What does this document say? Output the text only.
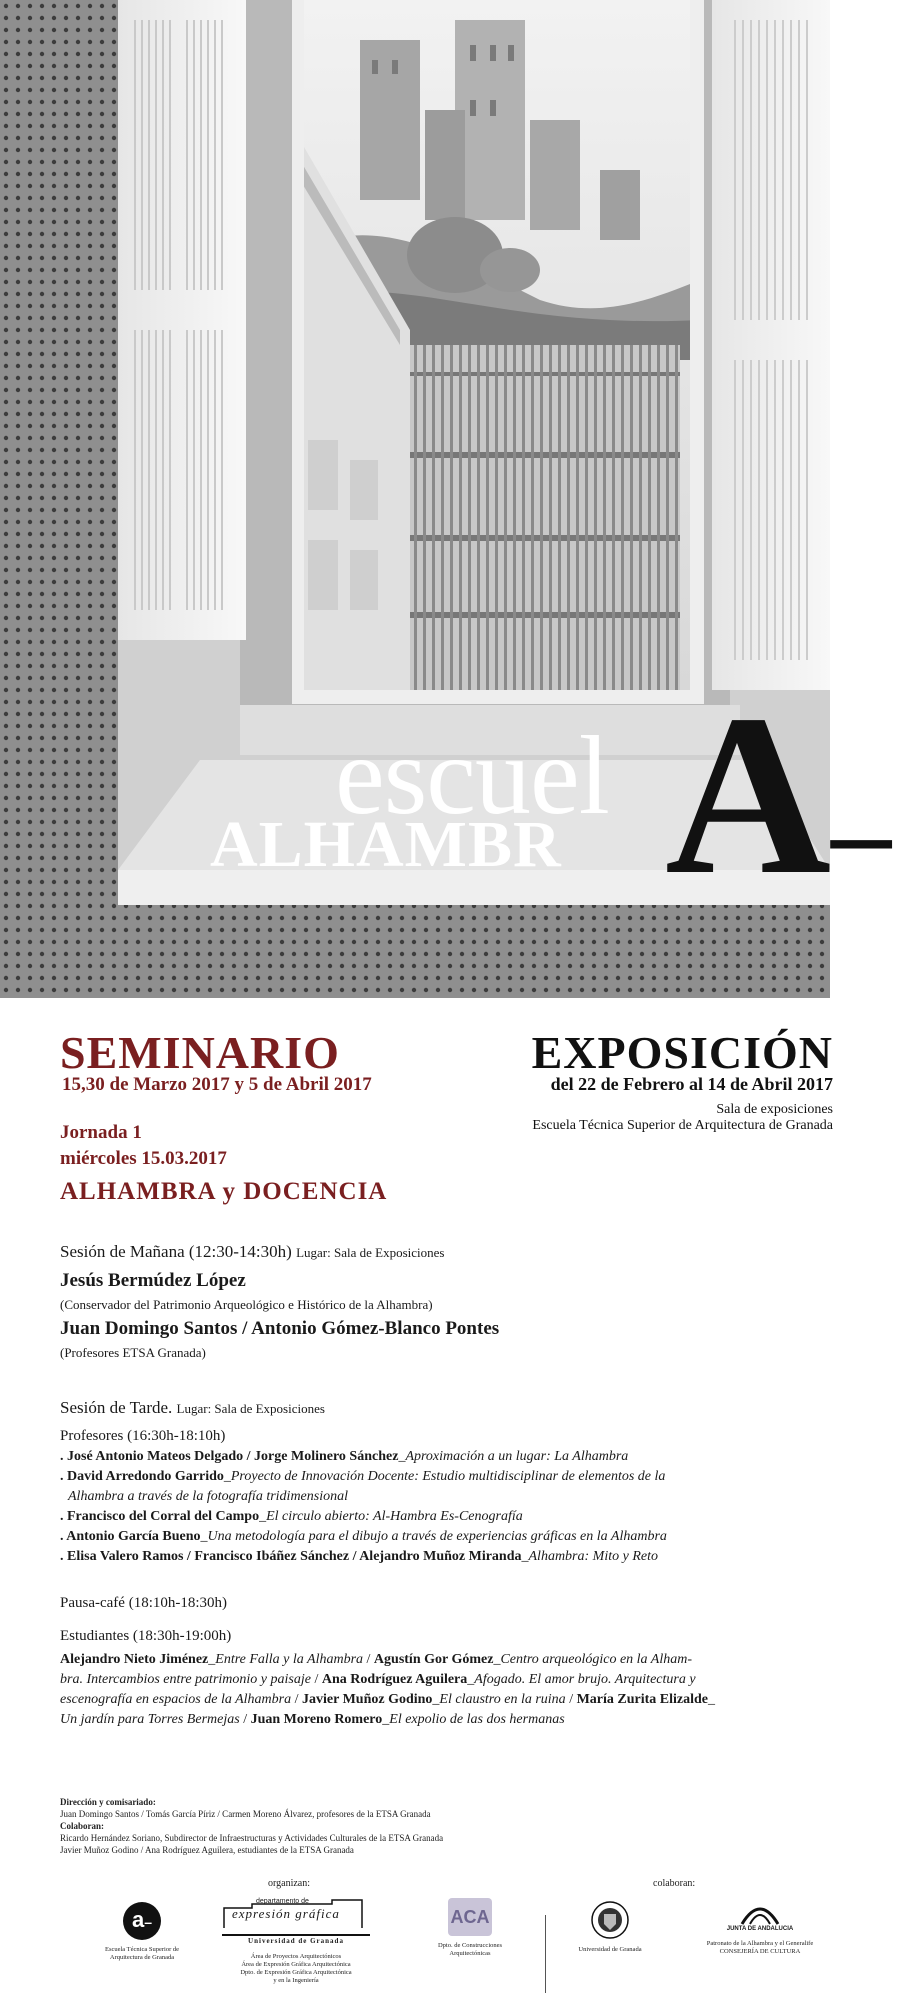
escuel
ALHAMBR A_
SEMINARIO
15,30 de Marzo 2017 y 5 de Abril 2017
EXPOSICIÓN
del 22 de Febrero al 14 de Abril 2017
Sala de exposiciones
Escuela Técnica Superior de Arquitectura de Granada
Jornada 1
miércoles 15.03.2017
ALHAMBRA y DOCENCIA
Sesión de Mañana (12:30-14:30h) Lugar: Sala de Exposiciones
Jesús Bermúdez López
(Conservador del Patrimonio Arqueológico e Histórico de la Alhambra)
Juan Domingo Santos / Antonio Gómez-Blanco Pontes
(Profesores ETSA Granada)
Sesión de Tarde. Lugar: Sala de Exposiciones
Profesores (16:30h-18:10h)
. José Antonio Mateos Delgado / Jorge Molinero Sánchez_Aproximación a un lugar: La Alhambra
. David Arredondo Garrido_Proyecto de Innovación Docente: Estudio multidisciplinar de elementos de la
Alhambra a través de la fotografía tridimensional
. Francisco del Corral del Campo_El circulo abierto: Al-Hambra Es-Cenografía
. Antonio García Bueno_Una metodología para el dibujo a través de experiencias gráficas en la Alhambra
. Elisa Valero Ramos / Francisco Ibáñez Sánchez / Alejandro Muñoz Miranda_Alhambra: Mito y Reto
Pausa-café (18:10h-18:30h)
Estudiantes (18:30h-19:00h)
Alejandro Nieto Jiménez_Entre Falla y la Alhambra / Agustín Gor Gómez_Centro arqueológico en la Alham-
bra. Intercambios entre patrimonio y paisaje / Ana Rodríguez Aguilera_Afogado. El amor brujo. Arquitectura y
escenografía en espacios de la Alhambra / Javier Muñoz Godino_El claustro en la ruina / María Zurita Elizalde_
Un jardín para Torres Bermejas / Juan Moreno Romero_El expolio de las dos hermanas
Dirección y comisariado:
Juan Domingo Santos / Tomás García Píriz / Carmen Moreno Álvarez, profesores de la ETSA Granada
Colaboran:
Ricardo Hernández Soriano, Subdirector de Infraestructuras y Actividades Culturales de la ETSA Granada
Javier Muñoz Godino / Ana Rodríguez Aguilera, estudiantes de la ETSA Granada
organizan:	colaboran:
a–
Escuela Técnica Superior de
Arquitectura de Granada
departamento de
expresión gráfica
Universidad de Granada
Área de Proyectos Arquitectónicos
Área de Expresión Gráfica Arquitectónica
Dpto. de Expresión Gráfica Arquitectónica
y en la Ingeniería
ACA
Dpto. de Construcciones
Arquitectónicas
Universidad de Granada
JUNTA DE ANDALUCIA
Patronato de la Alhambra y el Generalife
CONSEJERÍA DE CULTURA
